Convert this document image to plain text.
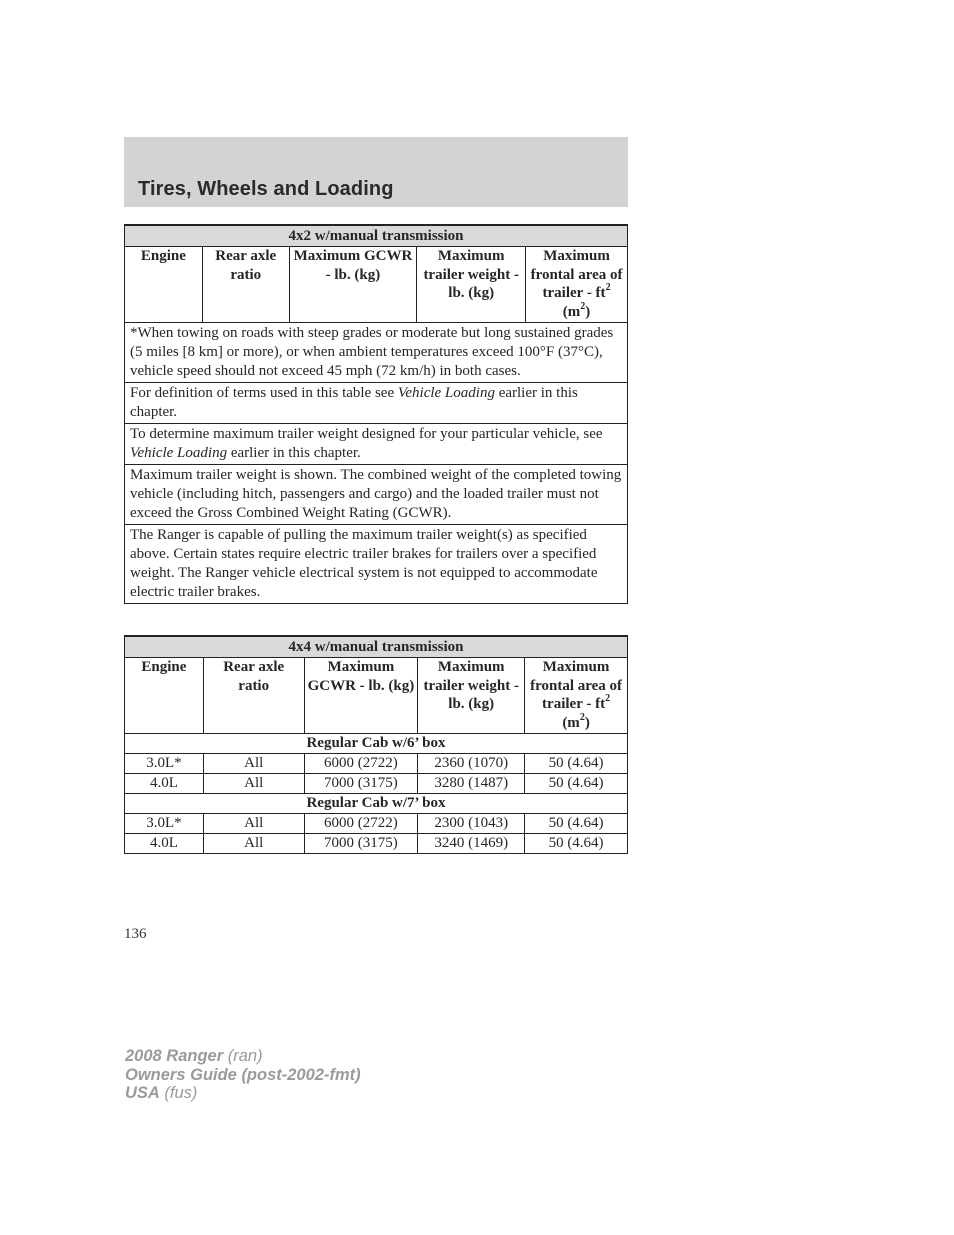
Tires, Wheels and Loading
4x2 w/manual transmission
Engine	Rear axle ratio	Maximum GCWR - lb. (kg)	Maximum trailer weight - lb. (kg)	Maximum frontal area of trailer - $ft^2$ $(m^2)$
*When towing on roads with steep grades or moderate but long sustained grades (5 miles [8 km] or more), or when ambient temperatures exceed 100°F (37°C), vehicle speed should not exceed 45 mph (72 km/h) in both cases.
For definition of terms used in this table see Vehicle Loading earlier in this chapter.
To determine maximum trailer weight designed for your particular vehicle, see Vehicle Loading earlier in this chapter.
Maximum trailer weight is shown. The combined weight of the completed towing vehicle (including hitch, passengers and cargo) and the loaded trailer must not exceed the Gross Combined Weight Rating (GCWR).
The Ranger is capable of pulling the maximum trailer weight(s) as specified above. Certain states require electric trailer brakes for trailers over a specified weight. The Ranger vehicle electrical system is not equipped to accommodate electric trailer brakes.
4x4 w/manual transmission				
Engine	Rear axle ratio	Maximum GCWR - lb. (kg)	Maximum trailer weight - lb. (kg)	Maximum frontal area of trailer - $ft^2$ $(m^2)$
Regular Cab w/6’ box				
3.0L*	All	6000 (2722)	2360 (1070)	50 (4.64)
4.0L	All	7000 (3175)	3280 (1487)	50 (4.64)
Regular Cab w/7’ box				
3.0L*	All	6000 (2722)	2300 (1043)	50 (4.64)
4.0L	All	7000 (3175)	3240 (1469)	50 (4.64)
136
2008 Ranger (ran)
Owners Guide (post-2002-fmt)
USA (fus)
